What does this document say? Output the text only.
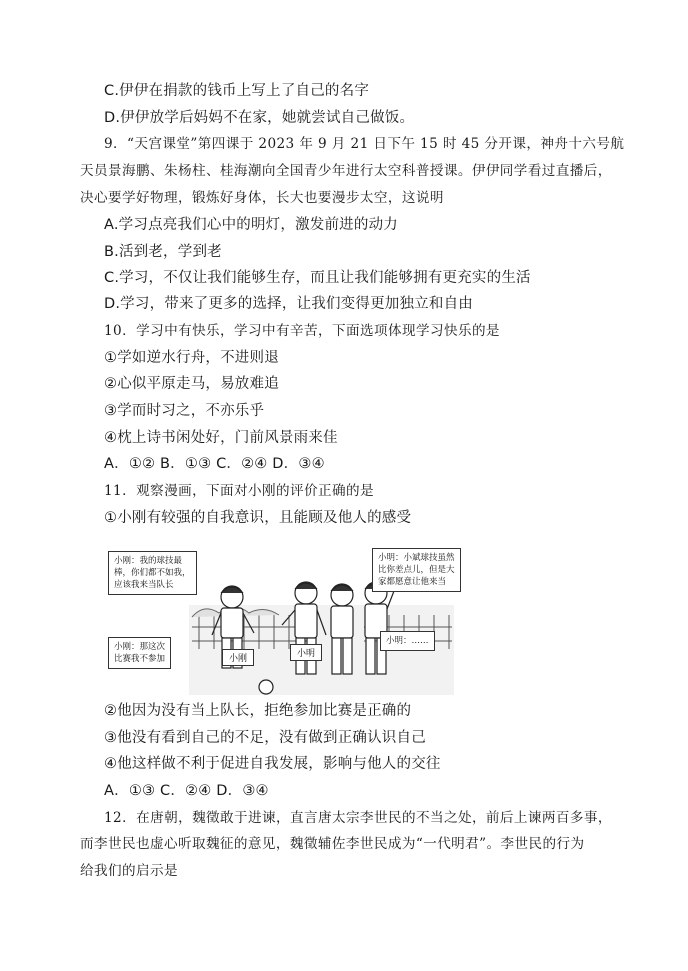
C.伊伊在捐款的钱币上写上了自己的名字
D.伊伊放学后妈妈不在家，她就尝试自己做饭。
9．“天宫课堂”第四课于 2023 年 9 月 21 日下午 15 时 45 分开课，神舟十六号航
天员景海鹏、朱杨柱、桂海潮向全国青少年进行太空科普授课。伊伊同学看过直播后，
决心要学好物理，锻炼好身体，长大也要漫步太空，这说明
A.学习点亮我们心中的明灯，激发前进的动力
B.活到老，学到老
C.学习，不仅让我们能够生存，而且让我们能够拥有更充实的生活
D.学习，带来了更多的选择，让我们变得更加独立和自由
10．学习中有快乐，学习中有辛苦，下面选项体现学习快乐的是
①学如逆水行舟，不进则退
②心似平原走马，易放难追
③学而时习之，不亦乐乎
④枕上诗书闲处好，门前风景雨来佳
A．①② B．①③ C．②④ D．③④
11．观察漫画，下面对小刚的评价正确的是
①小刚有较强的自我意识，且能顾及他人的感受
小刚：我的球技最
棒，你们都不如我，
应该我来当队长
小刚：那这次
比赛我不参加
小明：小斌球技虽然
比你差点儿，但是大
家都愿意让他来当
小明：……
小刚	小明
②他因为没有当上队长，拒绝参加比赛是正确的
③他没有看到自己的不足，没有做到正确认识自己
④他这样做不利于促进自我发展，影响与他人的交往
A．①③ C．②④ D．③④
12．在唐朝，魏徵敢于进谏，直言唐太宗李世民的不当之处，前后上谏两百多事，
而李世民也虚心听取魏征的意见，魏徵辅佐李世民成为“一代明君”。李世民的行为
给我们的启示是
